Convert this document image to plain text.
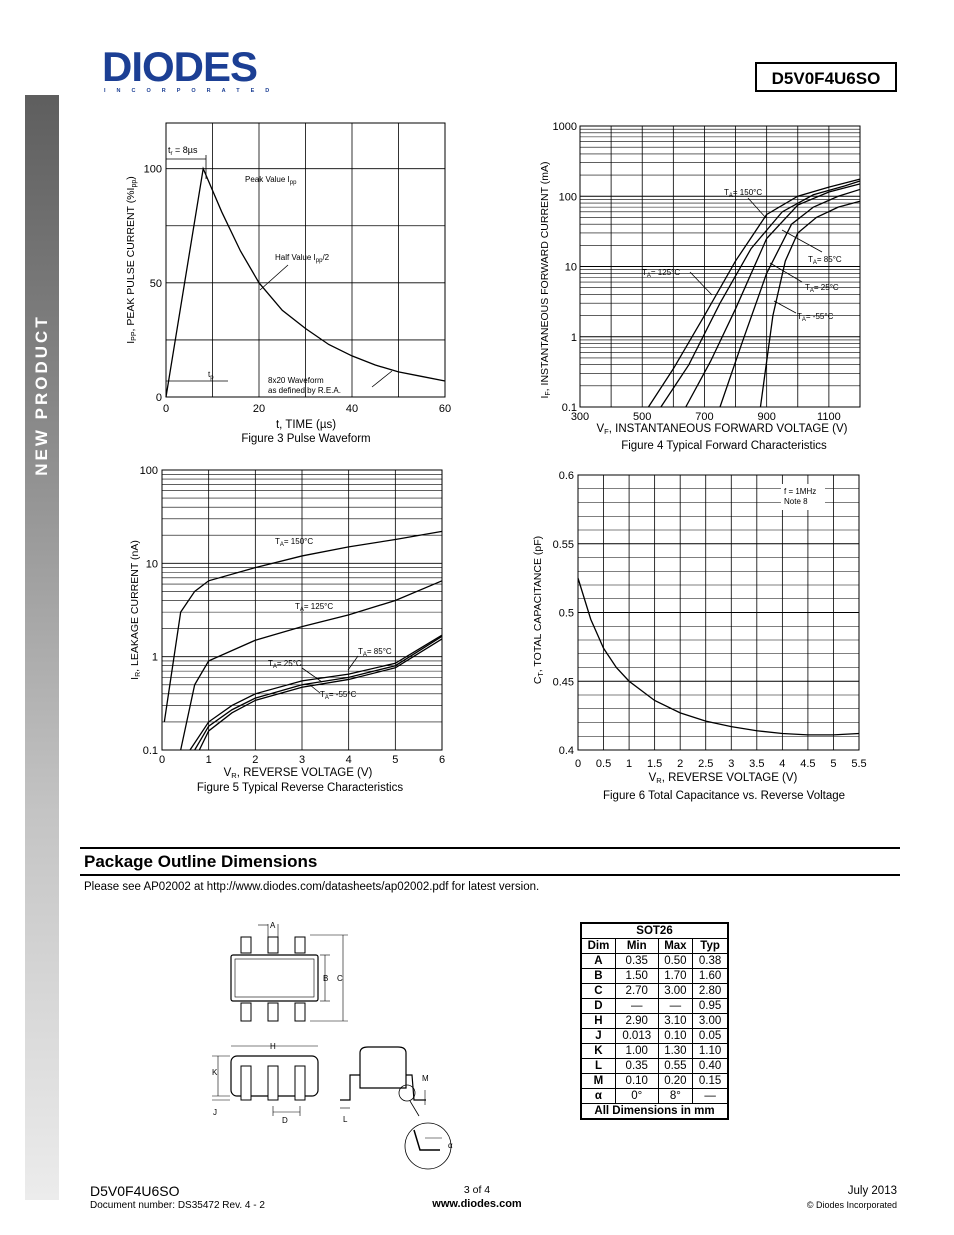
DIODES
INCORPORATED
D5V0F4U6SO
NEW PRODUCT	0	20	40	60
0
50
100
$t_r = 8\mu s$
Peak Value $I_{pp}$
Half Value $I_{pp}/2$
$t_p$	8x20 Waveform
as defined by R.E.A.
IPP, PEAK PULSE CURRENT (%Ipp)
t, TIME (µs)
Figure 3 Pulse Waveform
300	500	700	900	1100
0.1
1
10
100
1000
$T_A= 150^\circ C$
$T_A= 125^\circ C$
$T_A= 85^\circ C$
$T_A= 25^\circ C$
$T_A= -55^\circ C$
IF, INSTANTANEOUS FORWARD CURRENT (mA)
VF, INSTANTANEOUS FORWARD VOLTAGE (V)
Figure 4 Typical Forward Characteristics
0	1	2	3	4	5	6
0.1
1
10
100
$T_A= 150^\circ C$
$T_A= 125^\circ C$
$T_A= 85^\circ C$
$T_A= 25^\circ C$
$T_A= -55^\circ C$
IR, LEAKAGE CURRENT (nA)
VR, REVERSE VOLTAGE (V)
Figure 5 Typical Reverse Characteristics
f = 1MHz
Note 8
0 0.5 1 1.5 2 2.5 3 3.5 4 4.5 5 5.5
0.4
0.45
0.5
0.55
0.6
CT, TOTAL CAPACITANCE (pF)
VR, REVERSE VOLTAGE (V)
Figure 6 Total Capacitance vs. Reverse Voltage
Package Outline Dimensions
Please see AP02002 at http://www.diodes.com/datasheets/ap02002.pdf for latest version.
A
B C
H
K
J
D	L
M
α
SOT26			
Dim	Min	Max	Typ
A	0.35	0.50	0.38
B	1.50	1.70	1.60
C	2.70	3.00	2.80
D	—	—	0.95
H	2.90	3.10	3.00
J	0.013	0.10	0.05
K	1.00	1.30	1.10
L	0.35	0.55	0.40
M	0.10	0.20	0.15
α	0°	8°	—
All Dimensions in mm			
D5V0F4U6SO
Document number: DS35472 Rev. 4 - 2
3 of 4
www.diodes.com
July 2013
© Diodes Incorporated
